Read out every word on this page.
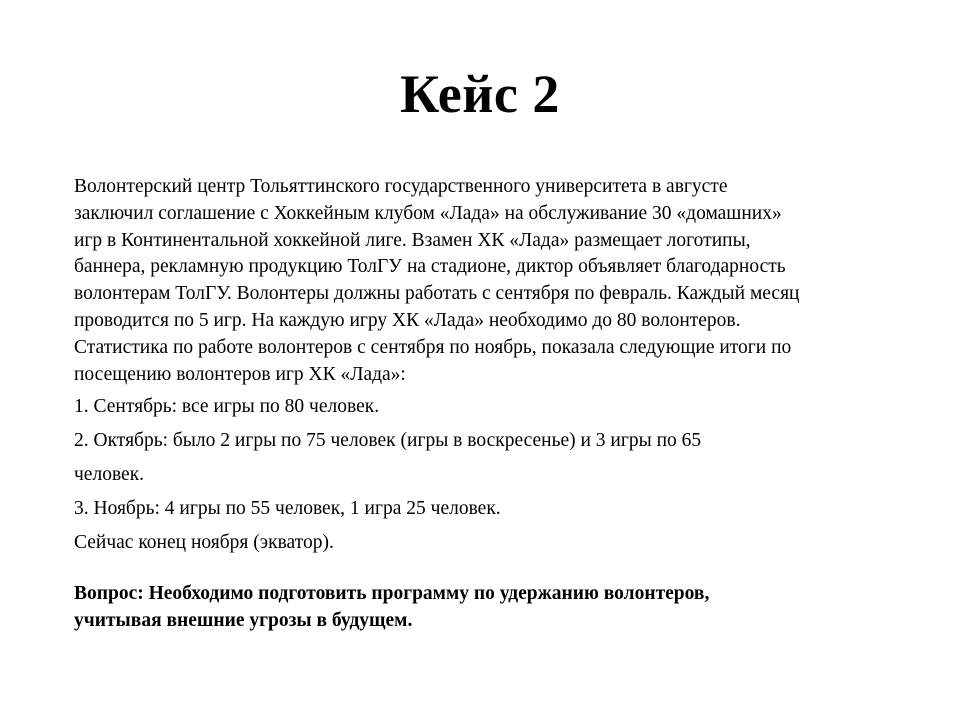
Кейс 2

Волонтерский центр Тольяттинского государственного университета в августе
заключил соглашение с Хоккейным клубом «Лада» на обслуживание 30 «домашних»
игр в Континентальной хоккейной лиге. Взамен ХК «Лада» размещает логотипы,
баннера, рекламную продукцию ТолГУ на стадионе, диктор объявляет благодарность
волонтерам ТолГУ. Волонтеры должны работать с сентября по февраль. Каждый месяц
проводится по 5 игр. На каждую игру ХК «Лада» необходимо до 80 волонтеров.
Статистика по работе волонтеров с сентября по ноябрь, показала следующие итоги по
посещению волонтеров игр ХК «Лада»:

1. Сентябрь: все игры по 80 человек.

2. Октябрь: было 2 игры по 75 человек (игры в воскресенье) и 3 игры по 65

человек.

3. Ноябрь: 4 игры по 55 человек, 1 игра 25 человек.

Сейчас конец ноября (экватор).

Вопрос: Необходимо подготовить программу по удержанию волонтеров,
учитывая внешние угрозы в будущем.
